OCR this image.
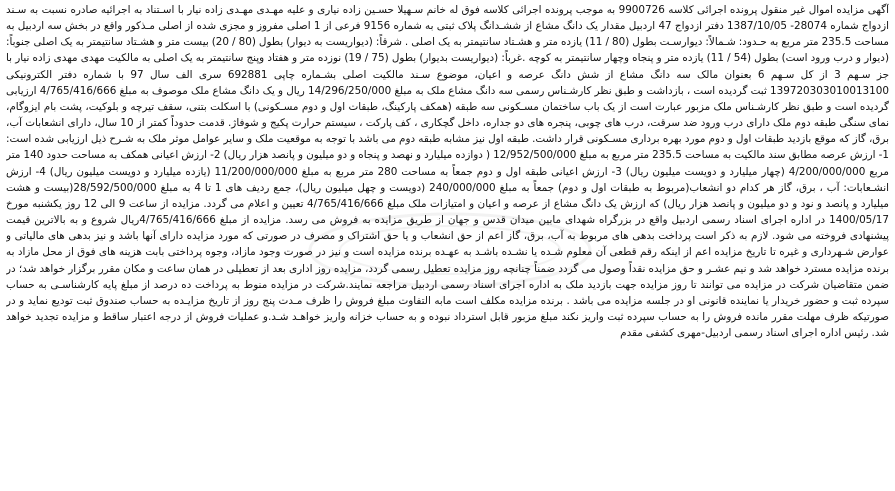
آگهی مزایده اموال غیر منقول پرونده اجرائی کلاسه 9900726 به موجب پرونده اجرائی کلاسه فوق له خانم سـهیلا حسـین زاده نیاری و علیه مهـدی مهـدی زاده نیار با اسـتناد به اجرائیه صادره نسبت به سـند ازدواج شماره 28074- 1387/10/05 دفتر ازدواج 47 اردبیل مقدار یک دانگ مشاع از ششـدانگ پلاک ثبتی به شماره 9156 فرعی از 1 اصلی مفروز و مجزی شده از اصلی مـذکور واقع در بخش سه اردبیل به مساحت 235.5 متر مربع به حـدود: شـمالاً: دیوارسـت بطول (80 / 11) یازده متر و هشـتاد سانتیمتر به یک اصلی . شرقاً: (دیواریست به دیوار) بطول (80 / 20) بیست متر و هشـتاد سانتیمتر به یک اصلی جنوباً: (دیوار و درب ورود است) بطول (54 / 11) یازده متر و پنجاه وچهار سانتیمتر به کوچه .غرباً: (دیواریست بدیوار) بطول (75 / 19) نوزده متر و هفتاد وپنج سانتیمتر به یک اصلی به مالکیت مهدی مهدی زاده نیار با جز سـهم 3 از کل سـهم 6 بعنوان مالک سه دانگ مشاع از شش دانگ عرصه و اعیان، موضوع سـند مالکیت اصلی بشـماره چاپی 692881 سری الف سال 97 با شماره دفتر الکترونیکی 139720303010013100 ثبت گردیده است ، بازداشت و طبق نظر کارشـناس رسمی سه دانگ مشاع ملک به مبلغ 14/296/250/000 ریال و یک دانگ مشاع ملک موصوف به مبلغ 4/765/416/666 ارزیابی گردیده است و طبق نظر کارشـناس ملک مزبور عبارت است از یک باب ساختمان مسـکونی سه طبقه (همکف پارکینگ، طبقات اول و دوم مسـکونی) با اسکلت بتنی، سقف تیرچه و بلوکیت، پشت بام ایزوگام، نمای سنگی طبقه دوم ملک دارای درب ورود ضد سرقت، درب های چوبی، پنجره های دو جداره، داخل گچکاری ، کف پارکت ، سیستم حرارت پکیج و شوفاژ. قدمت حدوداً کمتر از 10 سال، دارای انشعابات آب، برق، گاز که موقع بازدید طبقات اول و دوم مورد بهره برداری مسـکونی قرار داشت. طبقه اول نیز مشابه طبقه دوم می باشد با توجه به موقعیت ملک و سایر عوامل موثر ملک به شـرح ذیل ارزیابی شده است: 1- ارزش عرصه مطابق سند مالکیت به مساحت 235.5 متر مربع به مبلغ 12/952/500/000 ( دوازده میلیارد و نهصد و پنجاه و دو میلیون و پانصد هزار ریال) 2- ارزش اعیانی همکف به مساحت حدود 140 متر مربع 4/200/000/000 (چهار میلیارد و دویست میلیون ریال) 3- ارزش اعیانی طبقه اول و دوم جمعاً به مساحت 280 متر مربع به مبلغ 11/200/000/000 (یازده میلیارد و دویست میلیون ریال) 4- ارزش انشـعابات: آب ، برق، گاز هر کدام دو انشعاب(مربوط به طبقات اول و دوم) جمعاً به مبلغ 240/000/000 (دویست و چهل میلیون ریال)، جمع ردیف های 1 تا 4 به مبلغ 28/592/500/000(بیست و هشت میلیارد و پانصد و نود و دو میلیون و پانصد هزار ریال) که ارزش یک دانگ مشاع از عرصه و اعیان و امتیازات ملک مبلغ 4/765/416/666 تعیین و اعلام می گردد. مزایده از ساعت 9 الی 12 روز یکشنبه مورخ 1400/05/17 در اداره اجرای اسناد رسمی اردبیل واقع در بزرگراه شهدای مابین میدان قدس و جهان از طریق مزایده به فروش می رسد. مزایده از مبلغ 4/765/416/666ریال شروع و به بالاترین قیمت پیشنهادی فروخته می شود. لازم به ذکر است پرداخت بدهی های مربوط به آب، برق، گاز اعم از حق انشعاب و یا حق اشتراک و مصرف در صورتی که مورد مزایده دارای آنها باشد و نیز بدهی های مالیاتی و عوارض شـهرداری و غیره تا تاریخ مزایده اعم از اینکه رقم قطعی آن معلوم شـده یا نشـده باشـد به عهـده برنده مزایده است و نیز در صورت وجود مازاد، وجوه پرداختی بابت هزینه های فوق از محل مازاد به برنده مزایده مسترد خواهد شد و نیم عشـر و حق مزایده نقداً وصول می گردد ضمناً چنانچه روز مزایده تعطیل رسمی گردد، مزایده روز اداری بعد از تعطیلی در همان ساعت و مکان مقرر برگزار خواهد شد؛ در ضمن متقاضیان شرکت در مزایده می توانند تا روز مزایده جهت بازدید ملک به اداره اجرای اسناد رسمی اردبیل مراجعه نمایند.شرکت در مزایده منوط به پرداخت ده درصد از مبلغ پایه کارشناسـی به حساب سپرده ثبت و حضور خریدار یا نماینده قانونی او در جلسه مزایده می باشد . برنده مزایده مکلف است مابه التفاوت مبلغ فروش را ظرف مـدت پنج روز از تاریخ مزایـده به حساب صندوق ثبت تودیع نماید و در صورتیکه ظرف مهلت مقرر مانده فروش را به حساب سپرده ثبت واریز نکند مبلغ مزبور قابل استرداد نبوده و به حساب خزانه واریز خواهـد شـد.و عملیات فروش از درجه اعتبار ساقط و مزایده تجدید خواهد شد. رئیس اداره اجرای اسناد رسمی اردبیل-مهری کشفی مقدم
